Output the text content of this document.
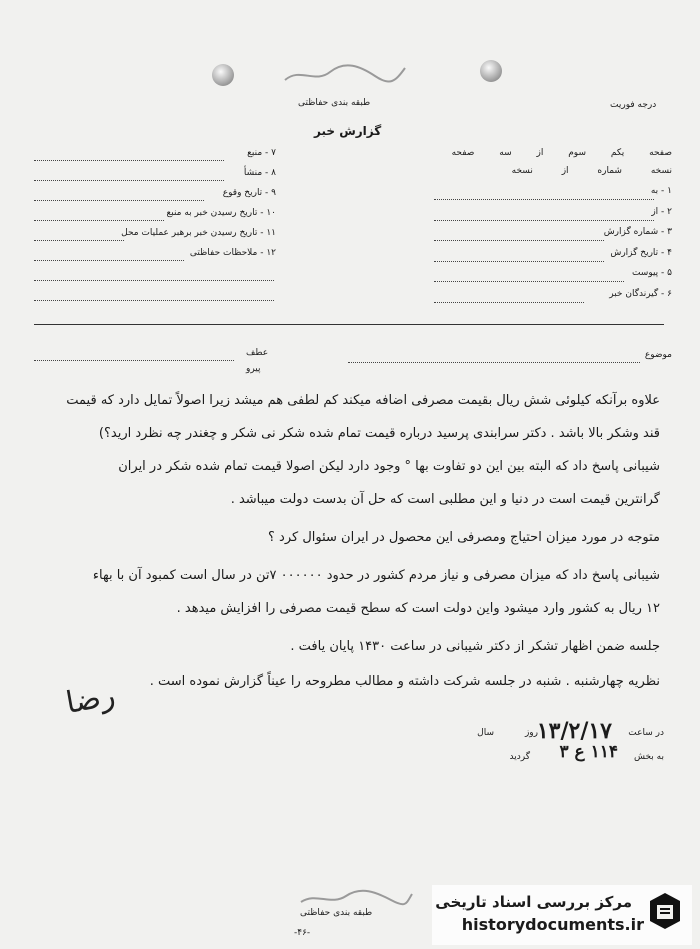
طبقه بندی حفاظتی
گزارش خبر
درجه فوریت
صفحه یکم سوم از سه صفحه
نسخه شماره از نسخه
۱ - به
۲ - از
۳ - شماره گزارش
۴ - تاریخ گزارش
۵ - پیوست
۶ - گیرندگان خبر
۷ - منبع
۸ - منشأ
۹ - تاریخ وقوع
۱۰ - تاریخ رسیدن خبر به منبع
۱۱ - تاریخ رسیدن خبر برهبر عملیات محل
۱۲ - ملاحظات حفاظتی
عطف
پیرو
موضوع
علاوه برآنکه کیلوئی شش ریال بقیمت مصرفی اضافه میکند کم لطفی هم میشد زیرا اصولاً تمایل دارد که قیمت
قند وشکر بالا باشد . دکتر سرابندی پرسید درباره قیمت تمام شده شکر نی شکر و چغندر چه نظرد ارید؟)
شیبانی پاسخ داد که البته بین این دو تفاوت بها ° وجود دارد لیکن اصولا قیمت تمام شده شکر در ایران
گرانترین قیمت است در دنیا و این مطلبی است که حل آن بدست دولت میباشد .
متوجه در مورد میزان احتیاج ومصرفی این محصول در ایران سئوال کرد ؟
شیبانی پاسخ داد که میزان مصرفی و نیاز مردم کشور در حدود ۰۰۰۰۰۰ ۷تن در سال است کمبود آن با بهاء
۱۲ ریال به کشور وارد میشود واین دولت است که سطح قیمت مصرفی را افزایش میدهد .
جلسه ضمن اظهار تشکر از دکتر شیبانی در ساعت ۱۴۳۰ پایان یافت .
نظریه چهارشنبه . شنبه در جلسه شرکت داشته و مطالب مطروحه را عیناً گزارش نموده است .
رضا
در ساعت
۱۳/۲/۱۷
روز
سال
به بخش
۱۱۴ ع ۳
گردید
طبقه بندی حفاظتی
-۴۶-
مرکز بررسی اسناد تاریخی
historydocuments.ir
